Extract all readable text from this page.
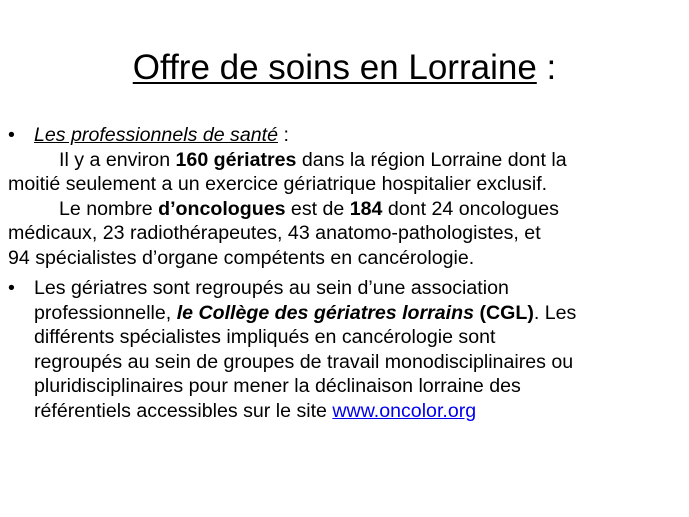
Offre de soins en Lorraine :
• Les professionnels de santé :
Il y a environ 160 gériatres dans la région Lorraine dont la
moitié seulement a un exercice gériatrique hospitalier exclusif.
Le nombre d’oncologues est de 184 dont 24 oncologues
médicaux, 23 radiothérapeutes, 43 anatomo-pathologistes, et
94 spécialistes d’organe compétents en cancérologie.
• Les gériatres sont regroupés au sein d’une association
professionnelle, le Collège des gériatres lorrains (CGL). Les
différents spécialistes impliqués en cancérologie sont
regroupés au sein de groupes de travail monodisciplinaires ou
pluridisciplinaires pour mener la déclinaison lorraine des
référentiels accessibles sur le site www.oncolor.org
